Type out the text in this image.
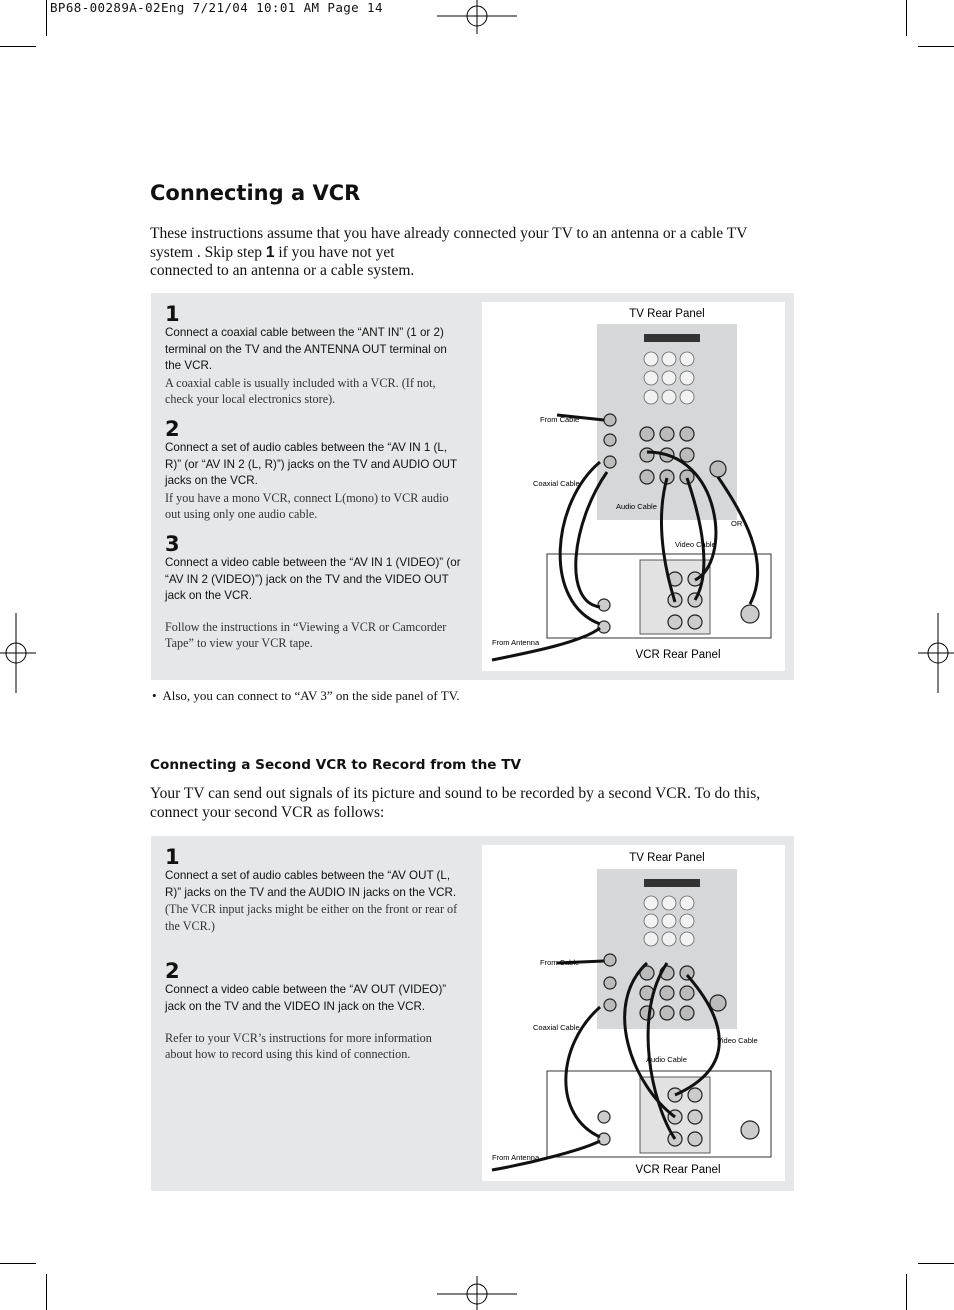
BP68-00289A-02Eng 7/21/04 10:01 AM Page 14
Connecting a VCR

These instructions assume that you have already connected your TV to an antenna or a cable TV system . Skip step 1 if you have not yet
connected to an antenna or a cable system.

1

Connect a coaxial cable between the “ANT IN” (1 or 2) terminal on the TV and the ANTENNA OUT terminal on the VCR.

A coaxial cable is usually included with a VCR. (If not, check your local electronics store).

2

Connect a set of audio cables between the “AV IN 1 (L, R)” (or “AV IN 2 (L, R)”) jacks on the TV and AUDIO OUT jacks on the VCR.

If you have a mono VCR, connect L(mono) to VCR audio out using only one audio cable.

3

Connect a video cable between the “AV IN 1 (VIDEO)” (or “AV IN 2 (VIDEO)”) jack on the TV and the VIDEO OUT jack on the VCR.

Follow the instructions in “Viewing a VCR or Camcorder Tape” to view your VCR tape.

TV Rear Panel
From Cable
Coaxial Cable
Audio Cable
OR
Video Cable
From Antenna
VCR Rear Panel
•  Also, you can connect to “AV 3” on the side panel of TV.
Connecting a Second VCR to Record from the TV

Your TV can send out signals of its picture and sound to be recorded by a second VCR. To do this, connect your second VCR as follows:

1

Connect a set of audio cables between the “AV OUT (L, R)” jacks on the TV and the AUDIO IN jacks on the VCR.

(The VCR input jacks might be either on the front or rear of the VCR.)

2

Connect a video cable between the “AV OUT (VIDEO)” jack on the TV and the VIDEO IN jack on the VCR.

Refer to your VCR’s instructions for more information about how to record using this kind of connection.

TV Rear Panel
From Cable
Coaxial Cable
Audio Cable
Video Cable
From Antenna
VCR Rear Panel
